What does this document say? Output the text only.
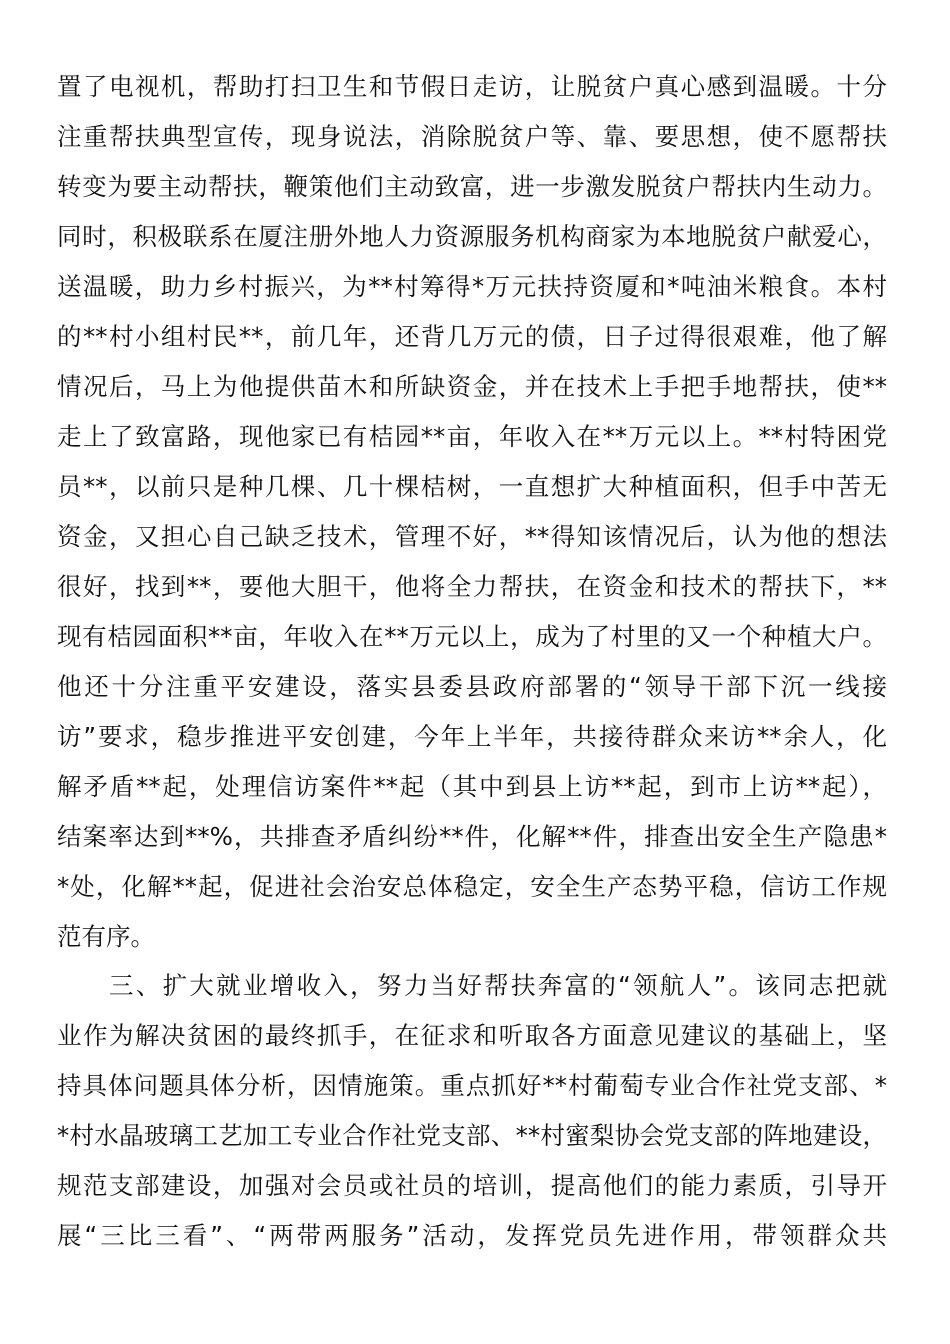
置了电视机，帮助打扫卫生和节假日走访，让脱贫户真心感到温暖。十分
注重帮扶典型宣传，现身说法，消除脱贫户等、靠、要思想，使不愿帮扶
转变为要主动帮扶，鞭策他们主动致富，进一步激发脱贫户帮扶内生动力。
同时，积极联系在厦注册外地人力资源服务机构商家为本地脱贫户献爱心，
送温暖，助力乡村振兴，为**村筹得*万元扶持资厦和*吨油米粮食。本村
的**村小组村民**，前几年，还背几万元的债，日子过得很艰难，他了解
情况后，马上为他提供苗木和所缺资金，并在技术上手把手地帮扶，使**
走上了致富路，现他家已有桔园**亩，年收入在**万元以上。**村特困党
员**，以前只是种几棵、几十棵桔树，一直想扩大种植面积，但手中苦无
资金，又担心自己缺乏技术，管理不好，**得知该情况后，认为他的想法
很好，找到**，要他大胆干，他将全力帮扶，在资金和技术的帮扶下，**
现有桔园面积**亩，年收入在**万元以上，成为了村里的又一个种植大户。
他还十分注重平安建设，落实县委县政府部署的“领导干部下沉一线接
访”要求，稳步推进平安创建，今年上半年，共接待群众来访**余人，化
解矛盾**起，处理信访案件**起（其中到县上访**起，到市上访**起），
结案率达到**%，共排查矛盾纠纷**件，化解**件，排查出安全生产隐患*
*处，化解**起，促进社会治安总体稳定，安全生产态势平稳，信访工作规
范有序。
三、扩大就业增收入，努力当好帮扶奔富的“领航人”。该同志把就
业作为解决贫困的最终抓手，在征求和听取各方面意见建议的基础上，坚
持具体问题具体分析，因情施策。重点抓好**村葡萄专业合作社党支部、*
*村水晶玻璃工艺加工专业合作社党支部、**村蜜梨协会党支部的阵地建设，
规范支部建设，加强对会员或社员的培训，提高他们的能力素质，引导开
展“三比三看”、“两带两服务”活动，发挥党员先进作用，带领群众共
